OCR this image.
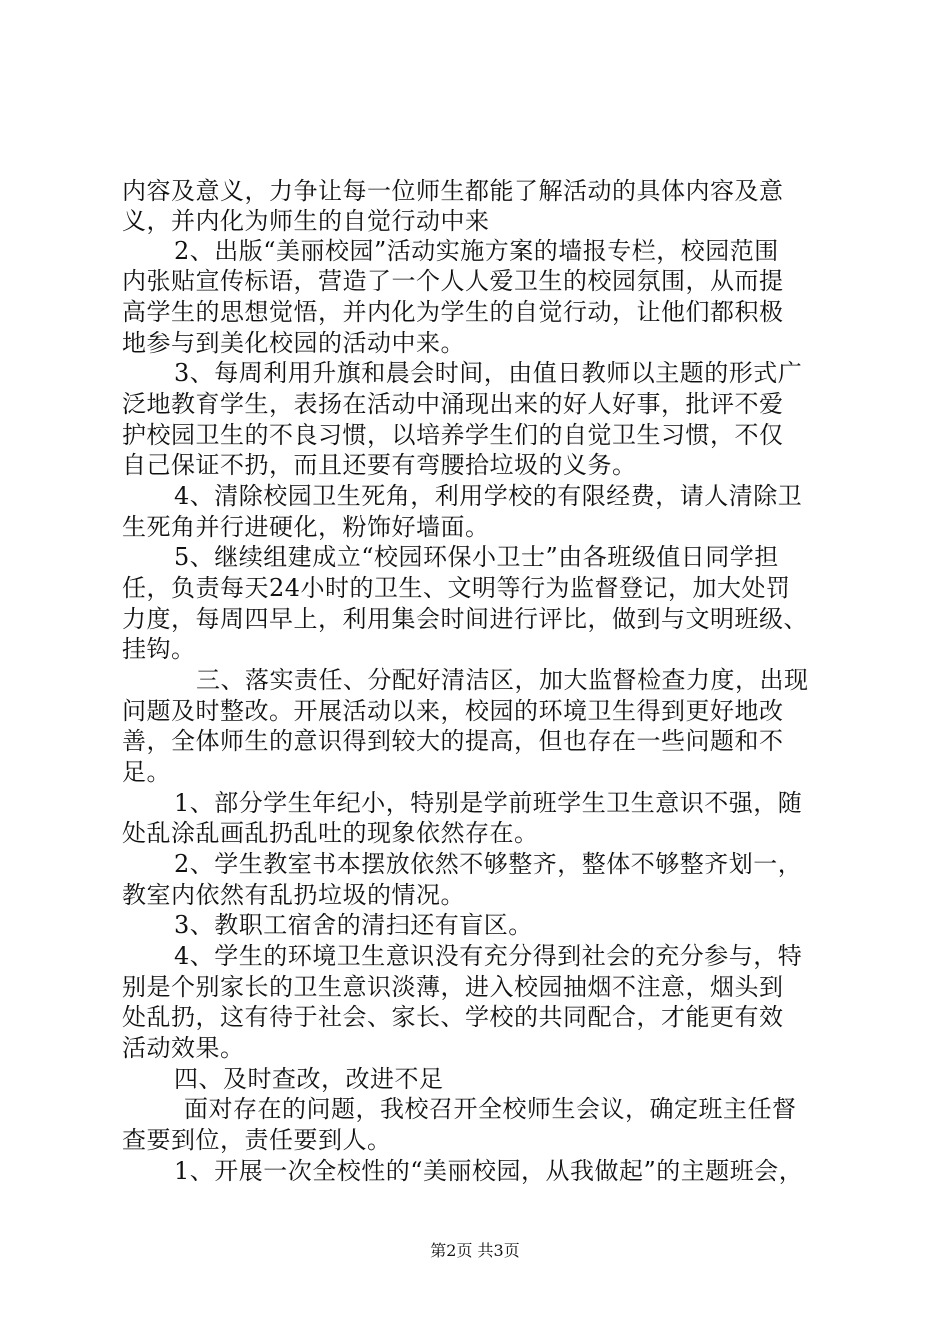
内容及意义，力争让每一位师生都能了解活动的具体内容及意
义，并内化为师生的自觉行动中来
2、出版“美丽校园”活动实施方案的墙报专栏，校园范围
内张贴宣传标语，营造了一个人人爱卫生的校园氛围，从而提
高学生的思想觉悟，并内化为学生的自觉行动，让他们都积极
地参与到美化校园的活动中来。
3、每周利用升旗和晨会时间，由值日教师以主题的形式广
泛地教育学生，表扬在活动中涌现出来的好人好事，批评不爱
护校园卫生的不良习惯，以培养学生们的自觉卫生习惯，不仅
自己保证不扔，而且还要有弯腰拾垃圾的义务。
4、清除校园卫生死角，利用学校的有限经费，请人清除卫
生死角并行进硬化，粉饰好墙面。
5、继续组建成立“校园环保小卫士”由各班级值日同学担
任，负责每天24小时的卫生、文明等行为监督登记，加大处罚
力度，每周四早上，利用集会时间进行评比，做到与文明班级、
挂钩。
三、落实责任、分配好清洁区，加大监督检查力度，出现
问题及时整改。开展活动以来，校园的环境卫生得到更好地改
善，全体师生的意识得到较大的提高，但也存在一些问题和不
足。
1、部分学生年纪小，特别是学前班学生卫生意识不强，随
处乱涂乱画乱扔乱吐的现象依然存在。
2、学生教室书本摆放依然不够整齐，整体不够整齐划一，
教室内依然有乱扔垃圾的情况。
3、教职工宿舍的清扫还有盲区。
4、学生的环境卫生意识没有充分得到社会的充分参与，特
别是个别家长的卫生意识淡薄，进入校园抽烟不注意，烟头到
处乱扔，这有待于社会、家长、学校的共同配合，才能更有效
活动效果。
四、及时查改，改进不足
面对存在的问题，我校召开全校师生会议，确定班主任督
查要到位，责任要到人。
1、开展一次全校性的“美丽校园，从我做起”的主题班会，
第2页 共3页
